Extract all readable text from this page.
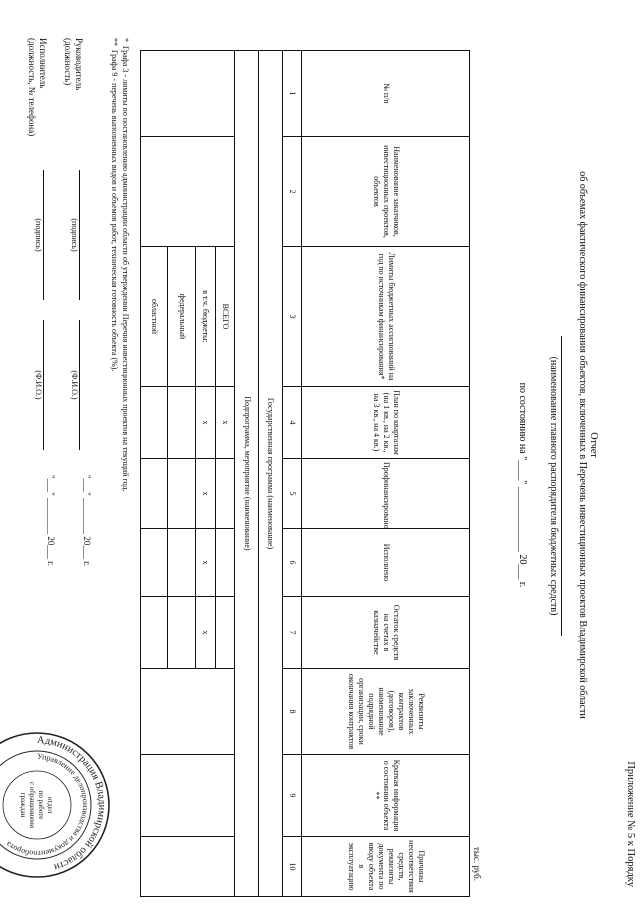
Приложение № 5 к Порядку
Отчет
об объемах фактического финансирования объектов, включенных в Перечень инвестиционных проектов Владимирской области
(наименование главного распорядителя бюджетных средств)
по состоянию на "____" _____________ 20___ г.
тыс. руб.
№ п/п	Наименование заказчиков, инвестиционных проектов, объектов	Лимиты бюджетных ассигнований на год по источникам финансирования*	План по кварталам (на 1 кв., на 2 кв., на 3 кв., на 4 кв.)	Профинансировано	Исполнено	Остаток средств на счетах в казначействе	Реквизиты заключенных контрактов (договоров), наименование подрядной организации, сроки окончания контрактов	Краткая информация о состоянии объекта **	Причины несоответствия средств, реквизиты документа по вводу объекта в эксплуатацию
1	2	3	4	5	6	7	8	9	10
Государственная программа (наименование)									
Подпрограмма, мероприятие (наименование)									
		ВСЕГО	х						
		в т.ч. бюджеты:	х	х	х	х			
		федеральный							
		областной							
*  Графа 3 - лимиты по постановлению администрации области об утверждении Перечня инвестиционных проектов на текущий год.
**  Графа 9 - перечень выполненных видов и объемов работ, техническая готовность объекта (%).
Руководитель
(должность)
(подпись)
(Ф.И.О.)
"___" ________ 20___ г.
Исполнитель
(должность, № телефона)
(подпись)
(Ф.И.О.)
"___" ________ 20___ г.
Администрация Владимирской области
Управление делопроизводства и документооборота
отдел
по работе
с обращениями
граждан
